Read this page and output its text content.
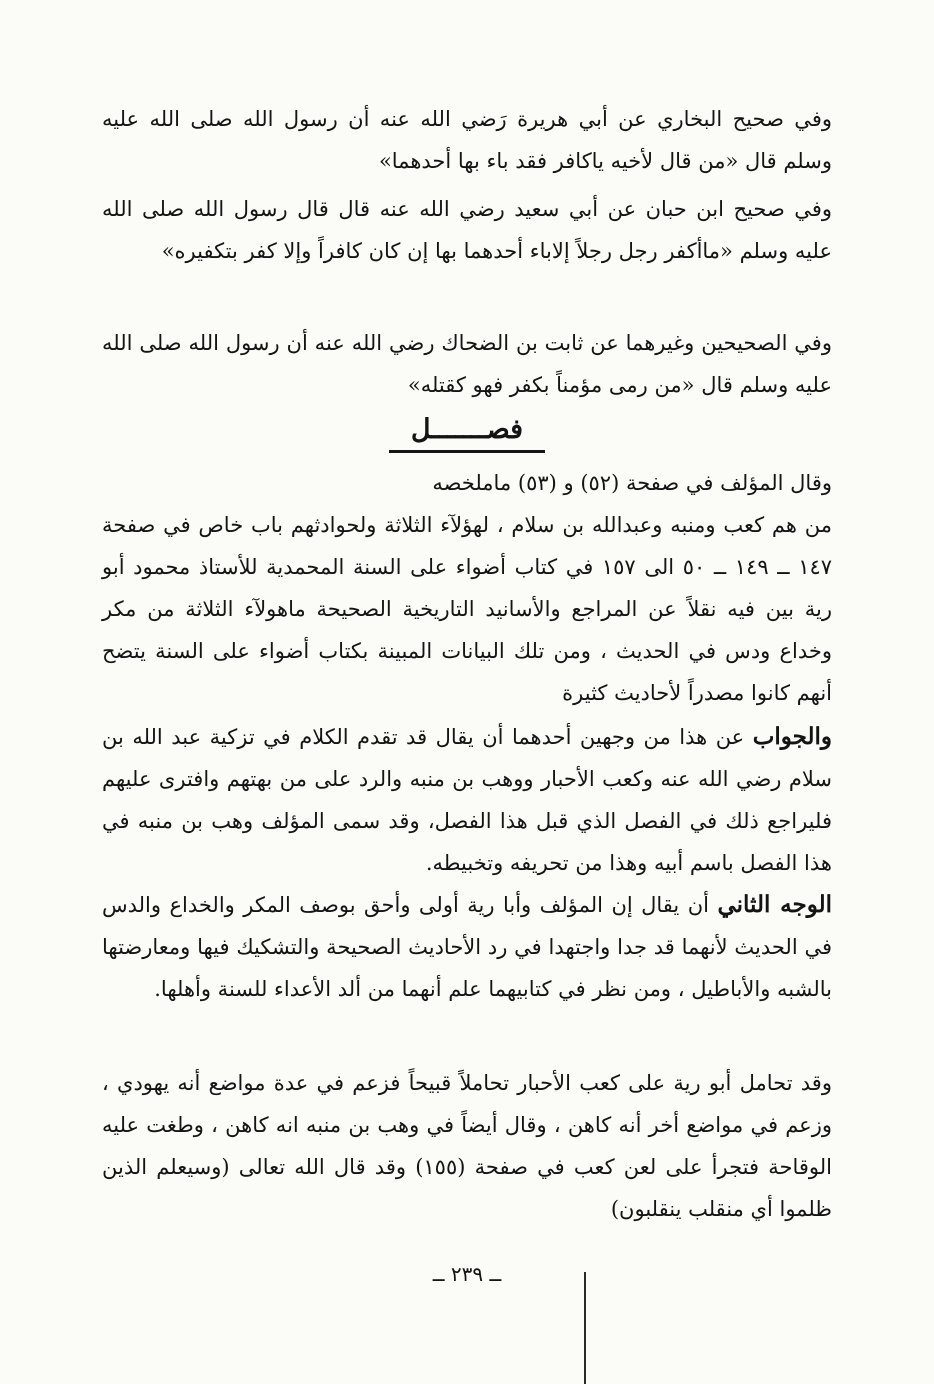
وفي صحيح البخاري عن أبي هريرة رَضي الله عنه أن رسول الله صلى الله عليه وسلم قال «من قال لأخيه ياكافر فقد باء بها أحدهما»

وفي صحيح ابن حبان عن أبي سعيد رضي الله عنه قال قال رسول الله صلى الله عليه وسلم «ماأكفر رجل رجلاً إلاباء أحدهما بها إن كان كافراً وإلا كفر بتكفيره»

وفي الصحيحين وغيرهما عن ثابت بن الضحاك رضي الله عنه أن رسول الله صلى الله عليه وسلم قال «من رمى مؤمناً بكفر فهو كقتله»

فصـــــــل

وقال المؤلف في صفحة (٥٢) و (٥٣) ماملخصه

من هم كعب ومنبه وعبدالله بن سلام ، لهؤلآء الثلاثة ولحوادثهم باب خاص في صفحة ١٤٧ ــ ١٤٩ ــ ٥٠ الى ١٥٧ في كتاب أضواء على السنة المحمدية للأستاذ محمود أبو رية بين فيه نقلاً عن المراجع والأسانيد التاريخية الصحيحة ماهولآء الثلاثة من مكر وخداع ودس في الحديث ، ومن تلك البيانات المبينة بكتاب أضواء على السنة يتضح أنهم كانوا مصدراً لأحاديث كثيرة

والجواب عن هذا من وجهين أحدهما أن يقال قد تقدم الكلام في تزكية عبد الله بن سلام رضي الله عنه وكعب الأحبار ووهب بن منبه والرد على من بهتهم وافترى عليهم فليراجع ذلك في الفصل الذي قبل هذا الفصل، وقد سمى المؤلف وهب بن منبه في هذا الفصل باسم أبيه وهذا من تحريفه وتخبيطه.

الوجه الثاني أن يقال إن المؤلف وأبا رية أولى وأحق بوصف المكر والخداع والدس في الحديث لأنهما قد جدا واجتهدا في رد الأحاديث الصحيحة والتشكيك فيها ومعارضتها بالشبه والأباطيل ، ومن نظر في كتابيهما علم أنهما من ألد الأعداء للسنة وأهلها.

وقد تحامل أبو رية على كعب الأحبار تحاملاً قبيحاً فزعم في عدة مواضع أنه يهودي ، وزعم في مواضع أخر أنه كاهن ، وقال أيضاً في وهب بن منبه انه كاهن ، وطغت عليه الوقاحة فتجرأ على لعن كعب في صفحة (١٥٥) وقد قال الله تعالى (وسيعلم الذين ظلموا أي منقلب ينقلبون)

ــ ٢٣٩ ــ
